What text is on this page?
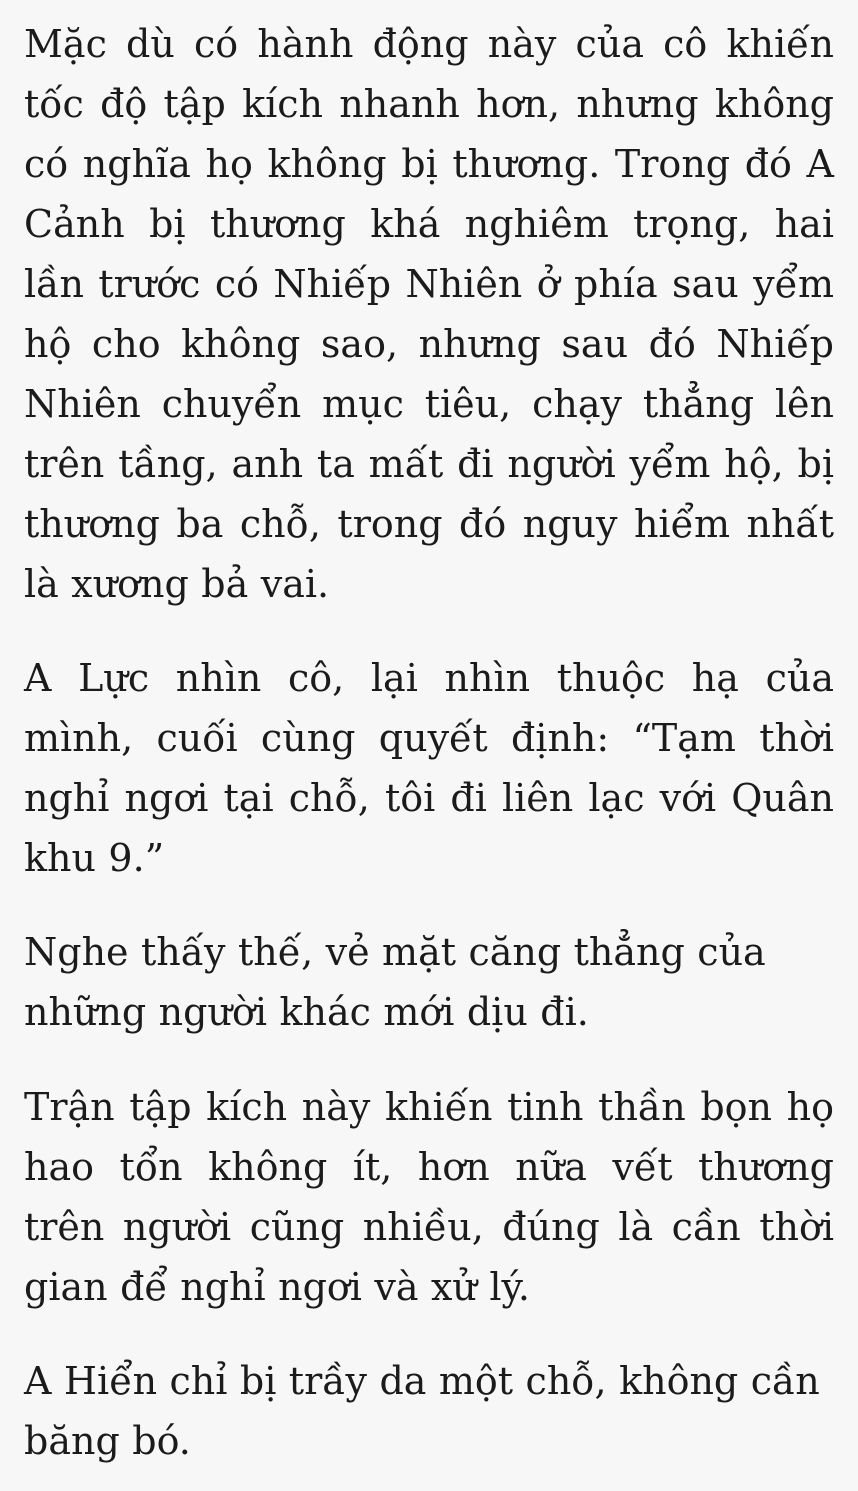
Mặc dù có hành động này của cô khiến tốc độ tập kích nhanh hơn, nhưng không có nghĩa họ không bị thương. Trong đó A Cảnh bị thương khá nghiêm trọng, hai lần trước có Nhiếp Nhiên ở phía sau yểm hộ cho không sao, nhưng sau đó Nhiếp Nhiên chuyển mục tiêu, chạy thẳng lên trên tầng, anh ta mất đi người yểm hộ, bị thương ba chỗ, trong đó nguy hiểm nhất là xương bả vai.

A Lực nhìn cô, lại nhìn thuộc hạ của mình, cuối cùng quyết định: “Tạm thời nghỉ ngơi tại chỗ, tôi đi liên lạc với Quân khu 9.”

Nghe thấy thế, vẻ mặt căng thẳng của những người khác mới dịu đi.

Trận tập kích này khiến tinh thần bọn họ hao tổn không ít, hơn nữa vết thương trên người cũng nhiều, đúng là cần thời gian để nghỉ ngơi và xử lý.

A Hiển chỉ bị trầy da một chỗ, không cần băng bó.
